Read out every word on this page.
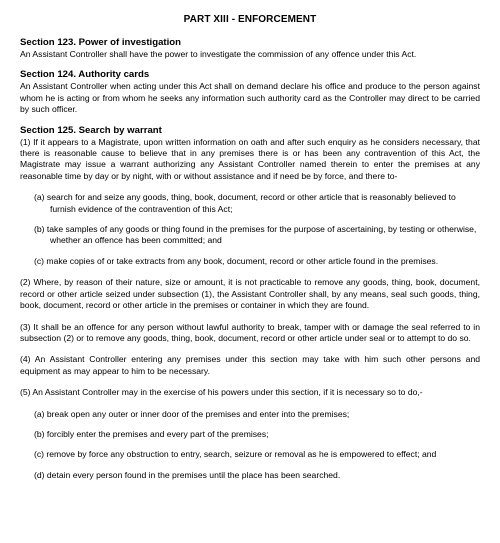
PART XIII - ENFORCEMENT

Section 123. Power of investigation

An Assistant Controller shall have the power to investigate the commission of any offence under this Act.

Section 124. Authority cards

An Assistant Controller when acting under this Act shall on demand declare his office and produce to the person against whom he is acting or from whom he seeks any information such authority card as the Controller may direct to be carried by such officer.

Section 125. Search by warrant

(1) If it appears to a Magistrate, upon written information on oath and after such enquiry as he considers necessary, that there is reasonable cause to believe that in any premises there is or has been any contravention of this Act, the Magistrate may issue a warrant authorizing any Assistant Controller named therein to enter the premises at any reasonable time by day or by night, with or without assistance and if need be by force, and there to-

(a) search for and seize any goods, thing, book, document, record or other article that is reasonably believed to furnish evidence of the contravention of this Act;

(b) take samples of any goods or thing found in the premises for the purpose of ascertaining, by testing or otherwise, whether an offence has been committed; and

(c) make copies of or take extracts from any book, document, record or other article found in the premises.

(2) Where, by reason of their nature, size or amount, it is not practicable to remove any goods, thing, book, document, record or other article seized under subsection (1), the Assistant Controller shall, by any means, seal such goods, thing, book, document, record or other article in the premises or container in which they are found.

(3) It shall be an offence for any person without lawful authority to break, tamper with or damage the seal referred to in subsection (2) or to remove any goods, thing, book, document, record or other article under seal or to attempt to do so.

(4) An Assistant Controller entering any premises under this section may take with him such other persons and equipment as may appear to him to be necessary.

(5) An Assistant Controller may in the exercise of his powers under this section, if it is necessary so to do,-

(a) break open any outer or inner door of the premises and enter into the premises;

(b) forcibly enter the premises and every part of the premises;

(c) remove by force any obstruction to entry, search, seizure or removal as he is empowered to effect; and

(d) detain every person found in the premises until the place has been searched.
